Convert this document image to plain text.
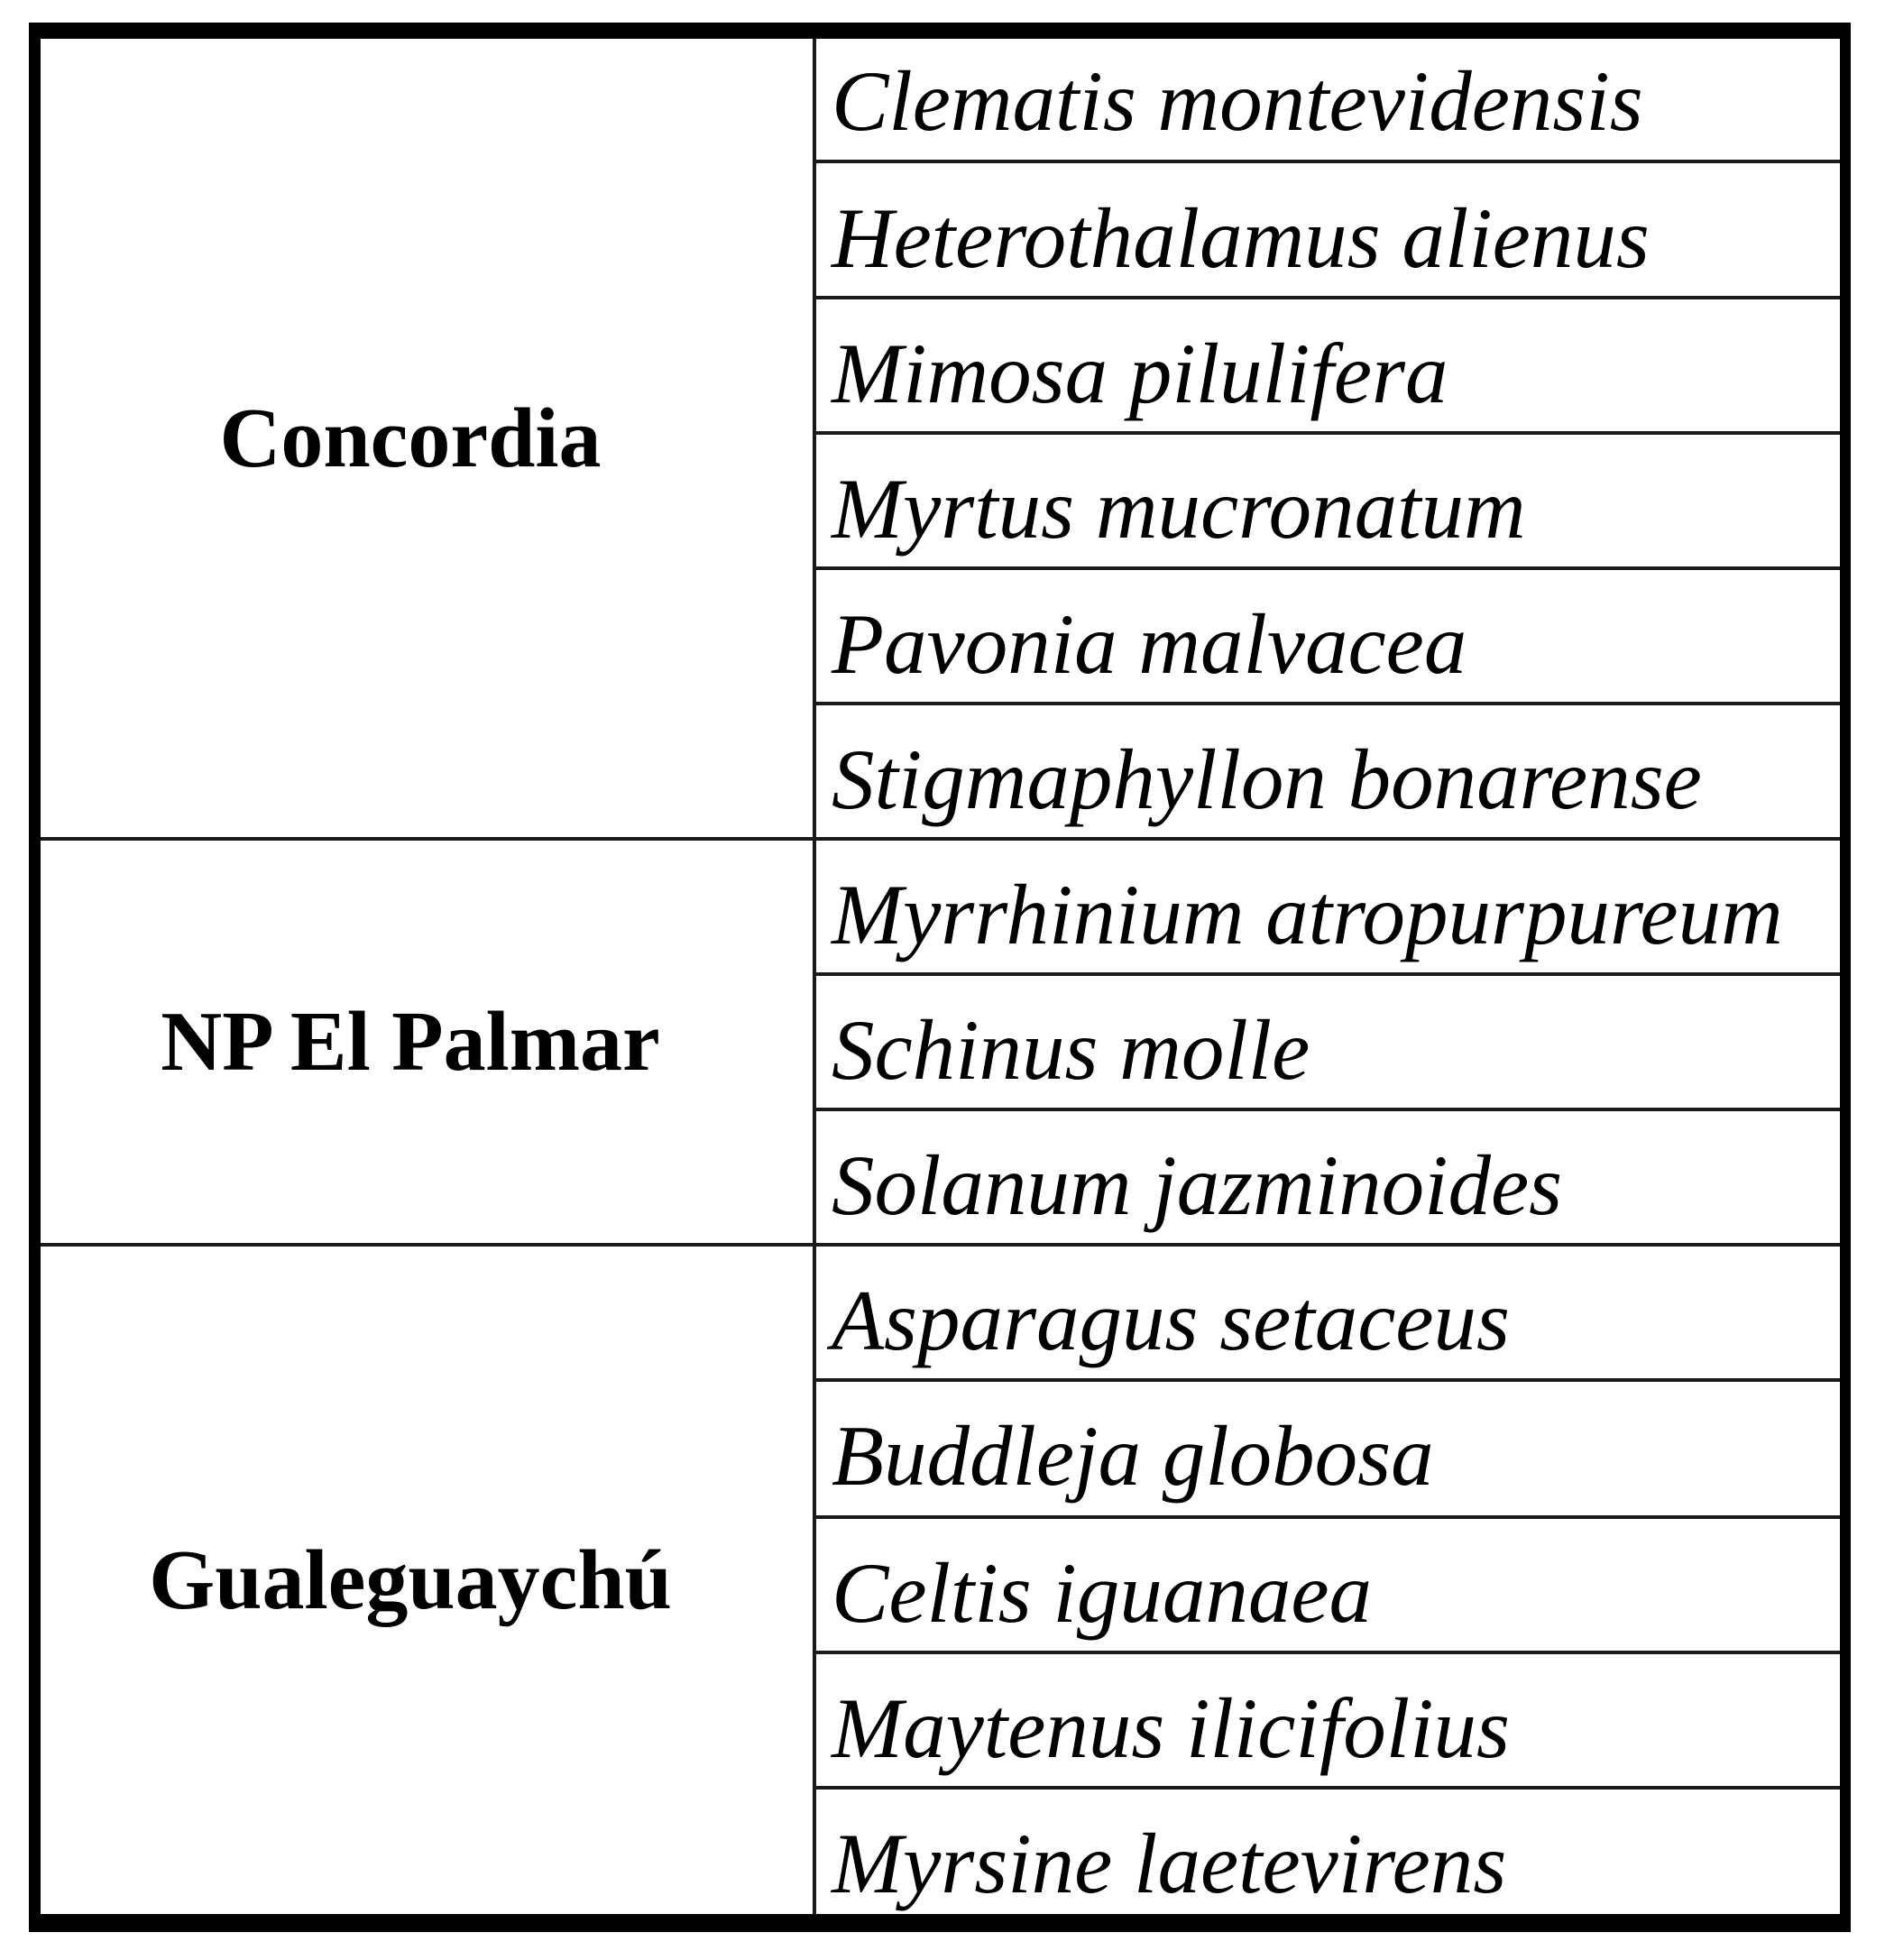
Concordia
NP El Palmar
Gualeguaychú
Clematis montevidensis
Heterothalamus alienus
Mimosa pilulifera
Myrtus mucronatum
Pavonia malvacea
Stigmaphyllon bonarense
Myrrhinium atropurpureum
Schinus molle
Solanum jazminoides
Asparagus setaceus
Buddleja globosa
Celtis iguanaea
Maytenus ilicifolius
Myrsine laetevirens
